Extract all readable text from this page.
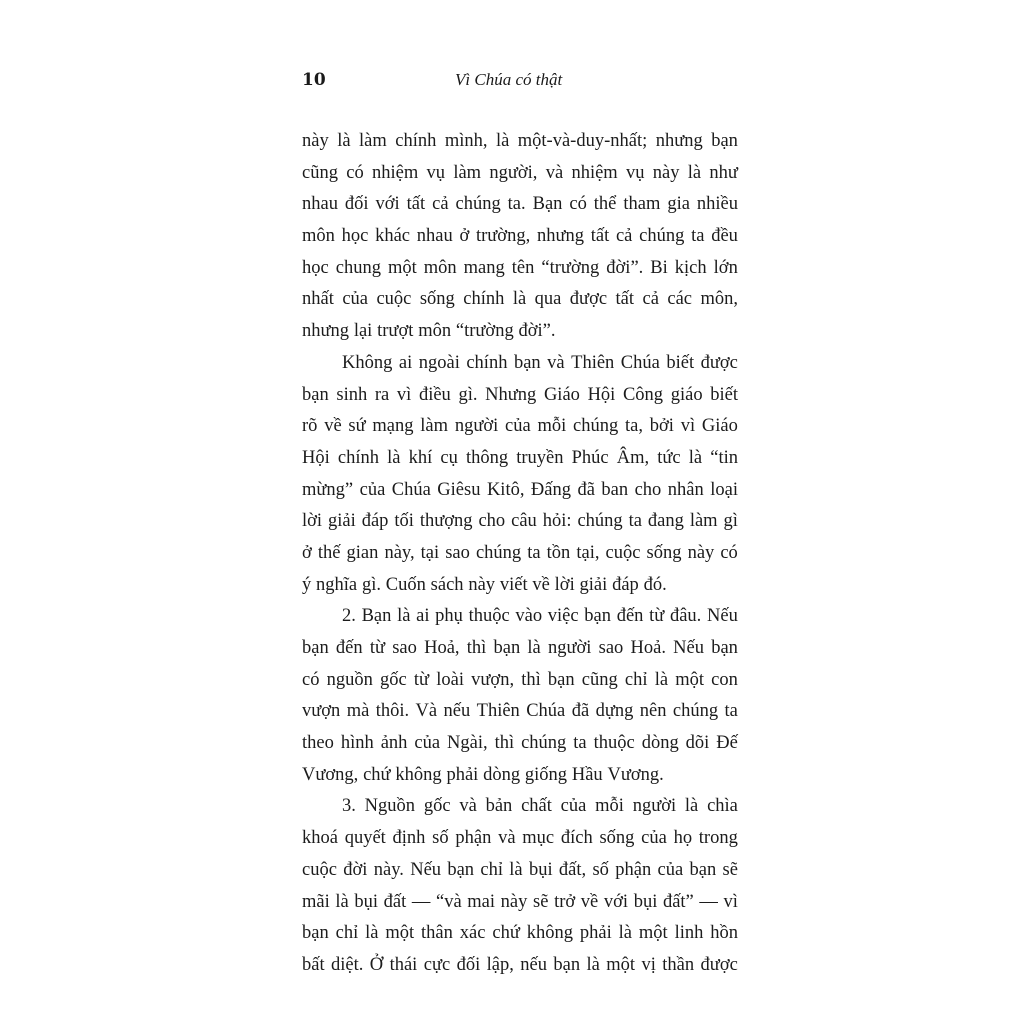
10	Vì Chúa có thật
này là làm chính mình, là một-và-duy-nhất; nhưng bạn
cũng có nhiệm vụ làm người, và nhiệm vụ này là như
nhau đối với tất cả chúng ta. Bạn có thể tham gia nhiều
môn học khác nhau ở trường, nhưng tất cả chúng ta đều
học chung một môn mang tên “trường đời”. Bi kịch lớn
nhất của cuộc sống chính là qua được tất cả các môn,
nhưng lại trượt môn “trường đời”.
Không ai ngoài chính bạn và Thiên Chúa biết được
bạn sinh ra vì điều gì. Nhưng Giáo Hội Công giáo biết
rõ về sứ mạng làm người của mỗi chúng ta, bởi vì Giáo
Hội chính là khí cụ thông truyền Phúc Âm, tức là “tin
mừng” của Chúa Giêsu Kitô, Đấng đã ban cho nhân loại
lời giải đáp tối thượng cho câu hỏi: chúng ta đang làm gì
ở thế gian này, tại sao chúng ta tồn tại, cuộc sống này có
ý nghĩa gì. Cuốn sách này viết về lời giải đáp đó.
2. Bạn là ai phụ thuộc vào việc bạn đến từ đâu. Nếu
bạn đến từ sao Hoả, thì bạn là người sao Hoả. Nếu bạn
có nguồn gốc từ loài vượn, thì bạn cũng chỉ là một con
vượn mà thôi. Và nếu Thiên Chúa đã dựng nên chúng ta
theo hình ảnh của Ngài, thì chúng ta thuộc dòng dõi Đế
Vương, chứ không phải dòng giống Hầu Vương.
3. Nguồn gốc và bản chất của mỗi người là chìa
khoá quyết định số phận và mục đích sống của họ trong
cuộc đời này. Nếu bạn chỉ là bụi đất, số phận của bạn sẽ
mãi là bụi đất — “và mai này sẽ trở về với bụi đất” — vì
bạn chỉ là một thân xác chứ không phải là một linh hồn
bất diệt. Ở thái cực đối lập, nếu bạn là một vị thần được
